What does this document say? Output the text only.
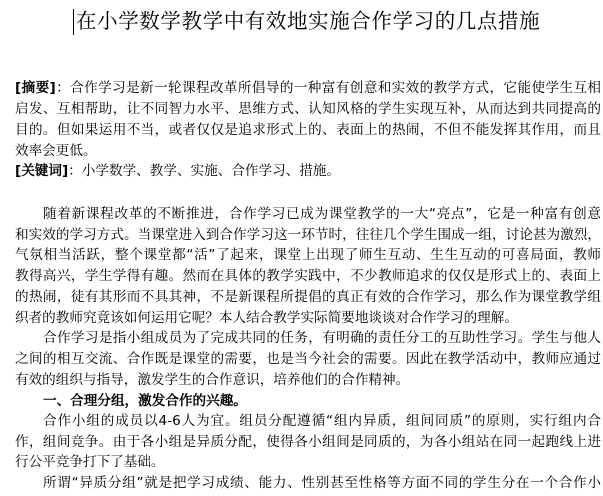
在小学数学教学中有效地实施合作学习的几点措施
[摘要]：合作学习是新一轮课程改革所倡导的一种富有创意和实效的教学方式，它能使学生互相
启发、互相帮助，让不同智力水平、思维方式、认知风格的学生实现互补，从而达到共同提高的
目的。但如果运用不当，或者仅仅是追求形式上的、表面上的热闹，不但不能发挥其作用，而且
效率会更低。
[关键词]：小学数学、教学、实施、合作学习、措施。
随着新课程改革的不断推进，合作学习已成为课堂教学的一大“亮点”，它是一种富有创意
和实效的学习方式。当课堂进入到合作学习这一环节时，往往几个学生围成一组，讨论甚为激烈，
气氛相当活跃，整个课堂都“活”了起来，课堂上出现了师生互动、生生互动的可喜局面，教师
教得高兴，学生学得有趣。然而在具体的教学实践中，不少教师追求的仅仅是形式上的、表面上
的热闹，徒有其形而不具其神，不是新课程所提倡的真正有效的合作学习，那么作为课堂教学组
织者的教师究竟该如何运用它呢？本人结合教学实际简要地谈谈对合作学习的理解。
合作学习是指小组成员为了完成共同的任务，有明确的责任分工的互助性学习。学生与他人
之间的相互交流、合作既是课堂的需要，也是当今社会的需要。因此在教学活动中，教师应通过
有效的组织与指导，激发学生的合作意识，培养他们的合作精神。
一、合理分组，激发合作的兴趣。
合作小组的成员以4-6人为宜。组员分配遵循“组内异质，组间同质”的原则，实行组内合
作，组间竞争。由于各小组是异质分配，使得各小组间是同质的，为各小组站在同一起跑线上进
行公平竞争打下了基础。
所谓“异质分组”就是把学习成绩、能力、性别甚至性格等方面不同的学生分在一个合作小
